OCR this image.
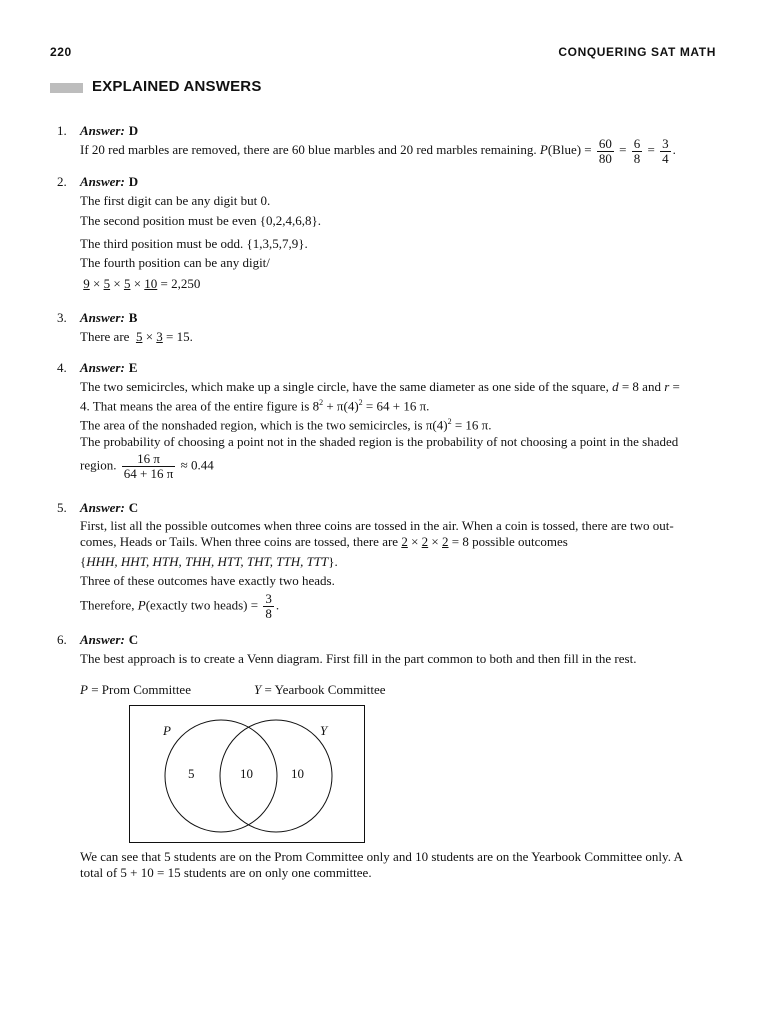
220	CONQUERING SAT MATH
EXPLAINED ANSWERS
1. Answer: D
If 20 red marbles are removed, there are 60 blue marbles and 20 red marbles remaining. P(Blue) = $\frac{60}{80} = \frac{6}{8} = \frac{3}{4}$ .
2. Answer: D
The first digit can be any digit but 0.
The second position must be even {0,2,4,6,8}.
The third position must be odd. {1,3,5,7,9}.
The fourth position can be any digit/
9 × 5 × 5 × 10 = 2,250
3. Answer: B
There are 5 × 3 = 15.
4. Answer: E
The two semicircles, which make up a single circle, have the same diameter as one side of the square, d = 8 and r =
4. That means the area of the entire figure is $8^2 + \pi(4)^2 = 64 + 16$ π.
The area of the nonshaded region, which is the two semicircles, is $\pi(4)^2 = 16$ π.
The probability of choosing a point not in the shaded region is the probability of not choosing a point in the shaded
region. $\frac{16 \pi}{64 + 16 \pi} \approx 0.44$
5. Answer: C
First, list all the possible outcomes when three coins are tossed in the air. When a coin is tossed, there are two out-
comes, Heads or Tails. When three coins are tossed, there are 2 × 2 × 2 = 8 possible outcomes
{HHH, HHT, HTH, THH, HTT, THT, TTH, TTT}.
Three of these outcomes have exactly two heads.
Therefore, P(exactly two heads) = $\frac{3}{8}$ .
6. Answer: C
The best approach is to create a Venn diagram. First fill in the part common to both and then fill in the rest.
P = Prom Committee	Y = Yearbook Committee
P	Y
5	10	10
We can see that 5 students are on the Prom Committee only and 10 students are on the Yearbook Committee only. A
total of 5 + 10 = 15 students are on only one committee.
